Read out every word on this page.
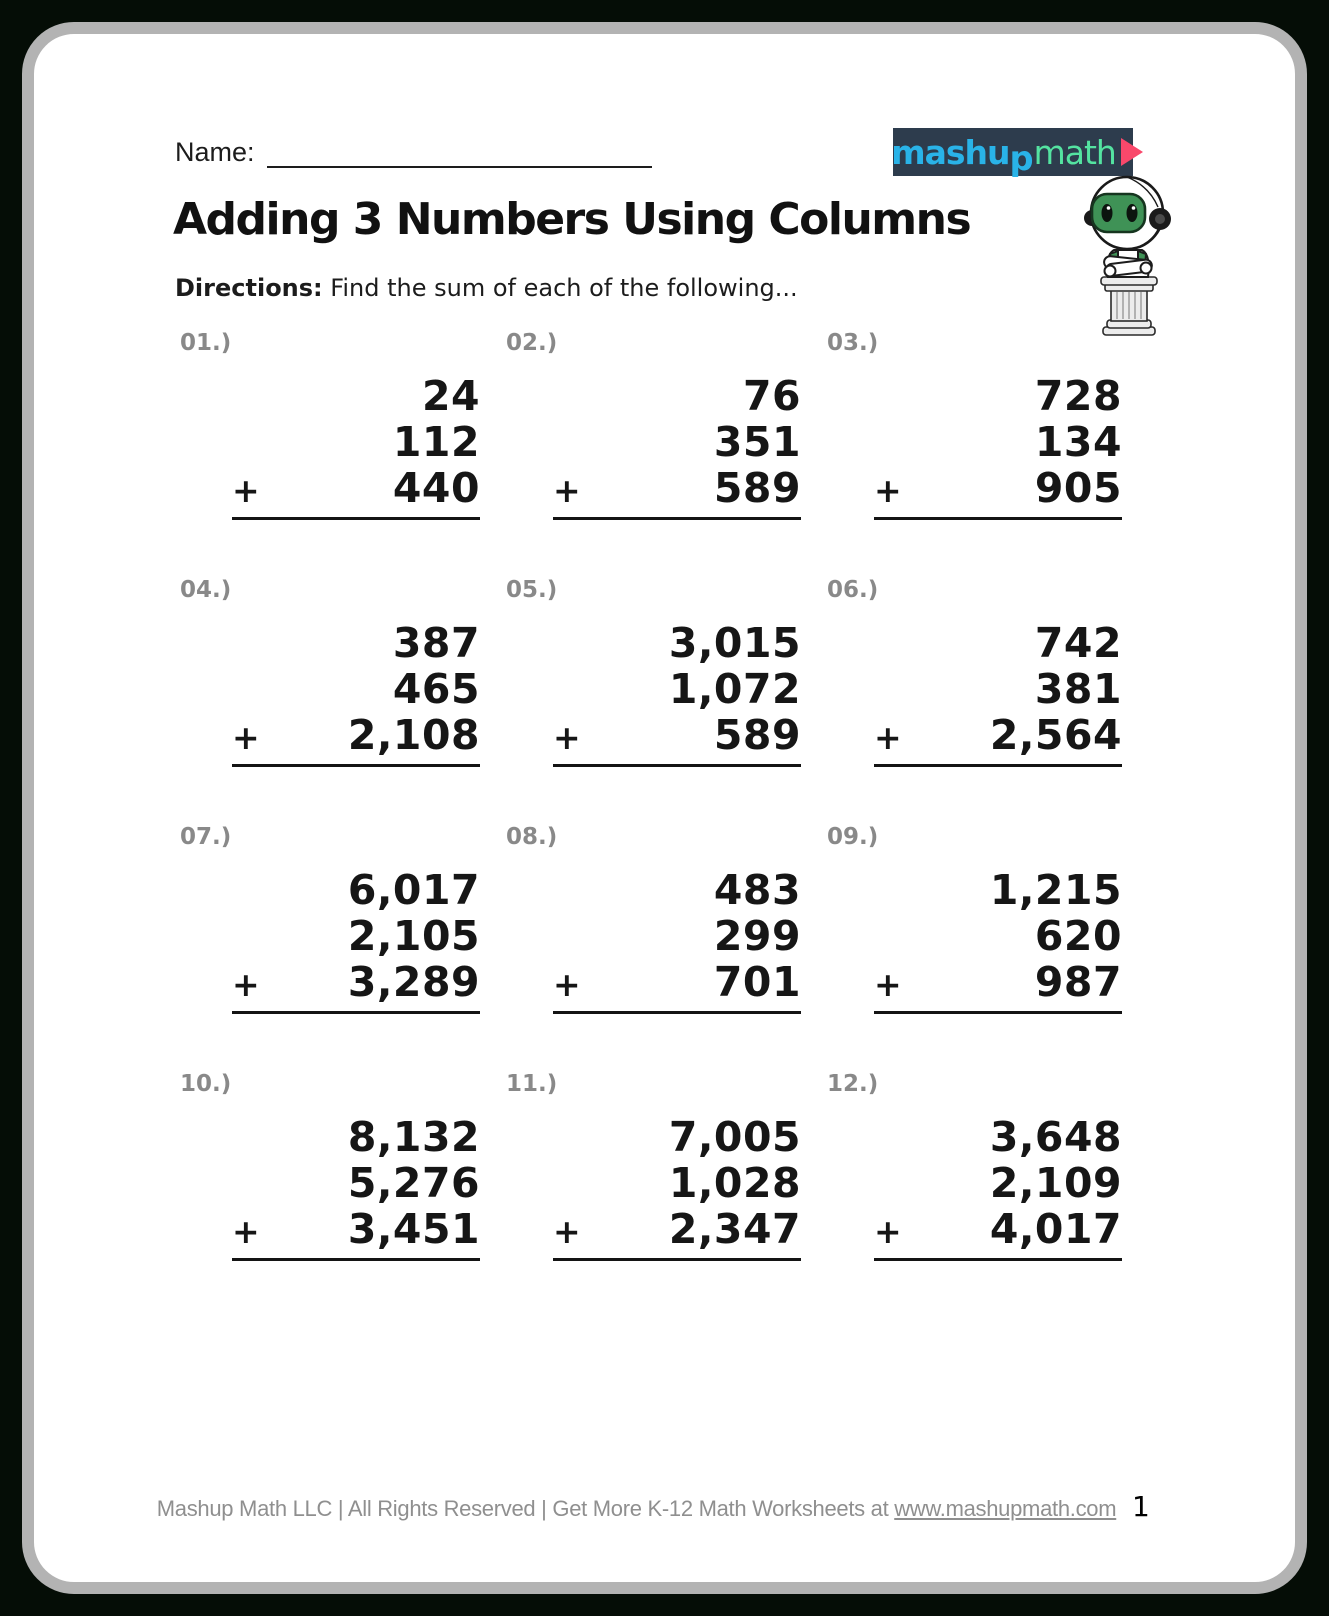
Name:	mashu p math
Adding 3 Numbers Using Columns

Directions: Find the sum of each of the following...

01.)
24
112
+	440
02.)
76
351
+	589
03.)
728
134
+	905
04.)
387
465
+ 2,108
05.)
3,015
1,072
+	589
06.)
742
381
+ 2,564
07.)
6,017
2,105
+ 3,289
08.)
483
299
+	701
09.)
1,215
620
+	987
10.)
8,132
5,276
+ 3,451
11.)
7,005
1,028
+ 2,347
12.)
3,648
2,109
+ 4,017
Mashup Math LLC | All Rights Reserved | Get More K-12 Math Worksheets at www.mashupmath.com 1
